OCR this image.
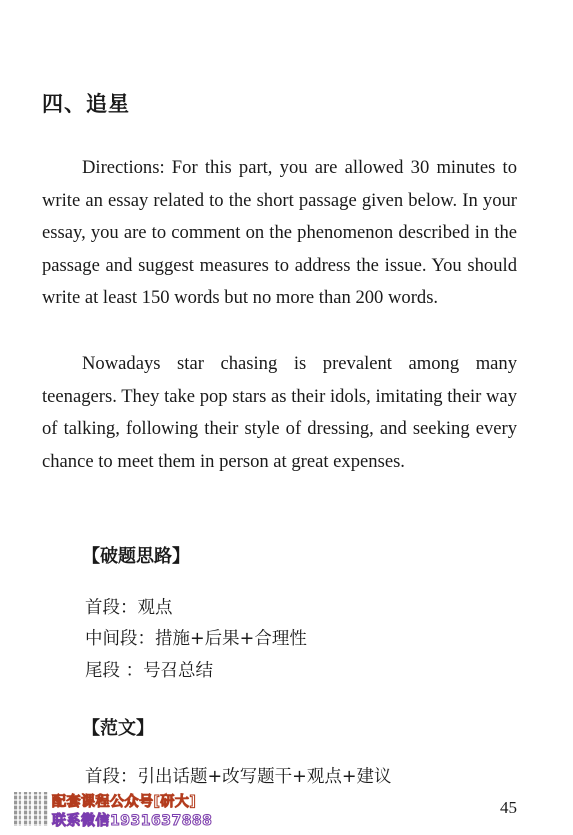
四、追星

Directions: For this part, you are allowed 30 minutes to write an essay related to the short passage given below. In your essay, you are to comment on the phenomenon described in the passage and suggest measures to address the issue. You should write at least 150 words but no more than 200 words.

Nowadays star chasing is prevalent among many teenagers. They take pop stars as their idols, imitating their way of talking, following their style of dressing, and seeking every chance to meet them in person at great expenses.

【破题思路】
首段：观点
中间段：措施+后果+合理性
尾段 ：号召总结
【范文】
首段：引出话题+改写题干+观点+建议
45
配套课程公众号[研大]
联系微信1931637888
